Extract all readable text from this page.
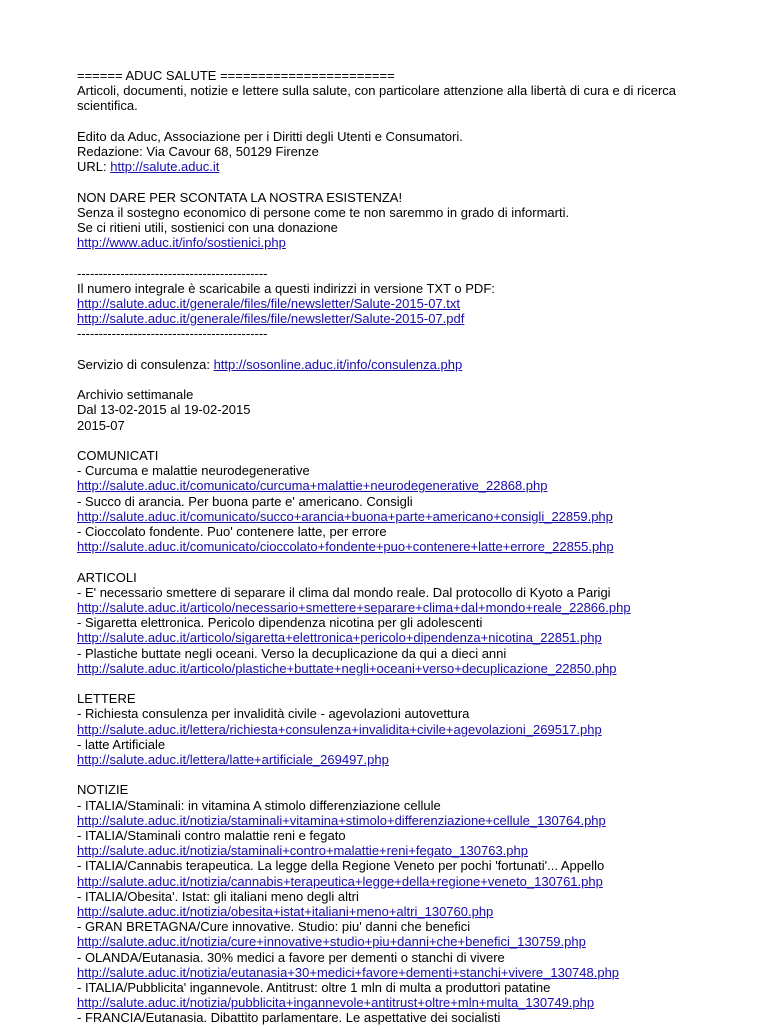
====== ADUC SALUTE =======================
Articoli, documenti, notizie e lettere sulla salute, con particolare attenzione alla libertà di cura e di ricerca scientifica.
Edito da Aduc, Associazione per i Diritti degli Utenti e Consumatori.
Redazione: Via Cavour 68, 50129 Firenze
URL: http://salute.aduc.it
NON DARE PER SCONTATA LA NOSTRA ESISTENZA!
Senza il sostegno economico di persone come te non saremmo in grado di informarti.
Se ci ritieni utili, sostienici con una donazione
http://www.aduc.it/info/sostienici.php
--------------------------------------------
Il numero integrale è scaricabile a questi indirizzi in versione TXT o PDF:
http://salute.aduc.it/generale/files/file/newsletter/Salute-2015-07.txt
http://salute.aduc.it/generale/files/file/newsletter/Salute-2015-07.pdf
--------------------------------------------
Servizio di consulenza: http://sosonline.aduc.it/info/consulenza.php
Archivio settimanale
Dal 13-02-2015 al 19-02-2015
2015-07
COMUNICATI
- Curcuma e malattie neurodegenerative
http://salute.aduc.it/comunicato/curcuma+malattie+neurodegenerative_22868.php
- Succo di arancia. Per buona parte e' americano. Consigli
http://salute.aduc.it/comunicato/succo+arancia+buona+parte+americano+consigli_22859.php
- Cioccolato fondente. Puo' contenere latte, per errore
http://salute.aduc.it/comunicato/cioccolato+fondente+puo+contenere+latte+errore_22855.php
ARTICOLI
- E' necessario smettere di separare il clima dal mondo reale. Dal protocollo di Kyoto a Parigi
http://salute.aduc.it/articolo/necessario+smettere+separare+clima+dal+mondo+reale_22866.php
- Sigaretta elettronica. Pericolo dipendenza nicotina per gli adolescenti
http://salute.aduc.it/articolo/sigaretta+elettronica+pericolo+dipendenza+nicotina_22851.php
- Plastiche buttate negli oceani. Verso la decuplicazione da qui a dieci anni
http://salute.aduc.it/articolo/plastiche+buttate+negli+oceani+verso+decuplicazione_22850.php
LETTERE
- Richiesta consulenza per invalidità civile - agevolazioni autovettura
http://salute.aduc.it/lettera/richiesta+consulenza+invalidita+civile+agevolazioni_269517.php
- latte Artificiale
http://salute.aduc.it/lettera/latte+artificiale_269497.php
NOTIZIE
- ITALIA/Staminali: in vitamina A stimolo differenziazione cellule
http://salute.aduc.it/notizia/staminali+vitamina+stimolo+differenziazione+cellule_130764.php
- ITALIA/Staminali contro malattie reni e fegato
http://salute.aduc.it/notizia/staminali+contro+malattie+reni+fegato_130763.php
- ITALIA/Cannabis terapeutica. La legge della Regione Veneto per pochi 'fortunati'... Appello
http://salute.aduc.it/notizia/cannabis+terapeutica+legge+della+regione+veneto_130761.php
- ITALIA/Obesita'. Istat: gli italiani meno degli altri
http://salute.aduc.it/notizia/obesita+istat+italiani+meno+altri_130760.php
- GRAN BRETAGNA/Cure innovative. Studio: piu' danni che benefici
http://salute.aduc.it/notizia/cure+innovative+studio+piu+danni+che+benefici_130759.php
- OLANDA/Eutanasia. 30% medici a favore per dementi o stanchi di vivere
http://salute.aduc.it/notizia/eutanasia+30+medici+favore+dementi+stanchi+vivere_130748.php
- ITALIA/Pubblicita' ingannevole. Antitrust: oltre 1 mln di multa a produttori patatine
http://salute.aduc.it/notizia/pubblicita+ingannevole+antitrust+oltre+mln+multa_130749.php
- FRANCIA/Eutanasia. Dibattito parlamentare. Le aspettative dei socialisti
